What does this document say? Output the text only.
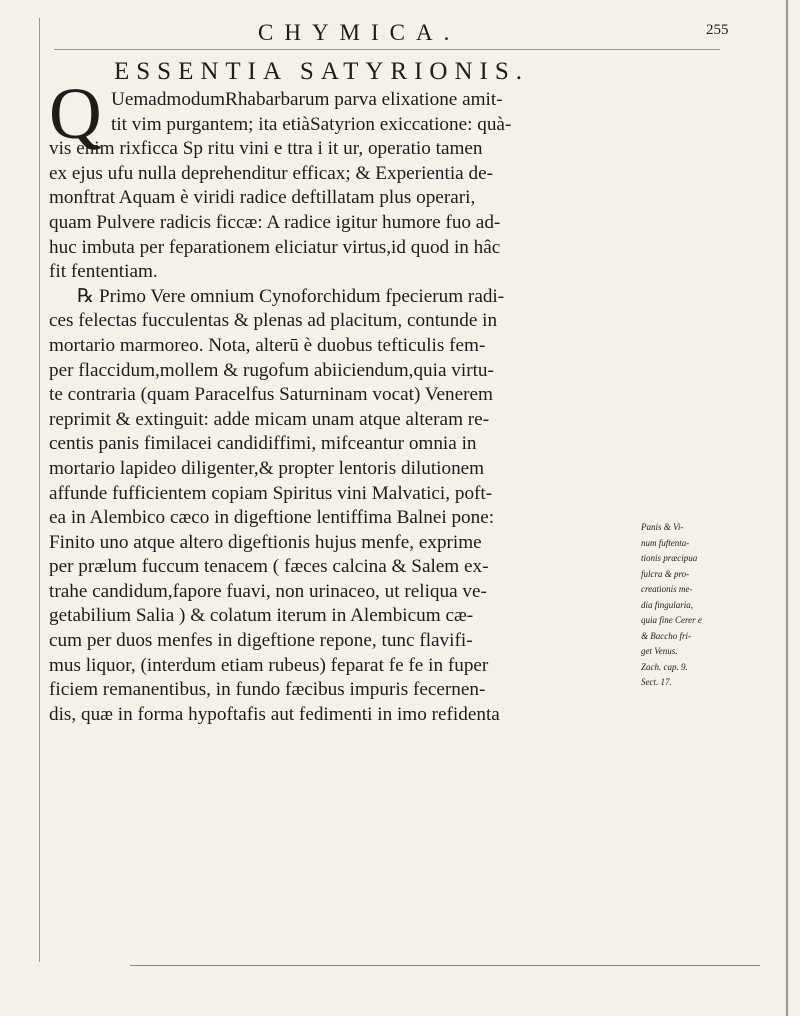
CHYMICA.	255
ESSENTIA SATYRIONIS.
Q UemadmodumRhabarbarum parva elixatione amit-
tit vim purgantem; ita etiàSatyrion exiccatione: quà-
vis enim rixficca Sp ritu vini e ttra i it ur, operatio tamen
ex ejus ufu nulla deprehenditur efficax; & Experientia de-
monftrat Aquam è viridi radice deftillatam plus operari,
quam Pulvere radicis ficcæ: A radice igitur humore fuo ad-
huc imbuta per feparationem eliciatur virtus,id quod in hâc
fit fententiam.
℞ Primo Vere omnium Cynoforchidum fpecierum radi-
ces felectas fucculentas & plenas ad placitum, contunde in
mortario marmoreo. Nota, alterū è duobus tefticulis fem-
per flaccidum,mollem & rugofum abiiciendum,quia virtu-
te contraria (quam Paracelfus Saturninam vocat) Venerem
reprimit & extinguit: adde micam unam atque alteram re-
centis panis fimilacei candidiffimi, mifceantur omnia in
mortario lapideo diligenter,& propter lentoris dilutionem
affunde fufficientem copiam Spiritus vini Malvatici, poft-
ea in Alembico cæco in digeftione lentiffima Balnei pone:
Finito uno atque altero digeftionis hujus menfe, exprime
per prælum fuccum tenacem ( fæces calcina & Salem ex-
trahe candidum,fapore fuavi, non urinaceo, ut reliqua ve-
getabilium Salia ) & colatum iterum in Alembicum cæ-
cum per duos menfes in digeftione repone, tunc flavifi-
mus liquor, (interdum etiam rubeus) feparat fe fe in fuper
ficiem remanentibus, in fundo fæcibus impuris fecernen-
dis, quæ in forma hypoftafis aut fedimenti in imo refidenta
Panis & Vi-
num fuftenta-
tionis præcipua
fulcra & pro-
creationis me-
dia fingularia,
quia fine Cerer e
& Baccho fri-
get Venus.
Zach. cap. 9.
Sect. 17.
